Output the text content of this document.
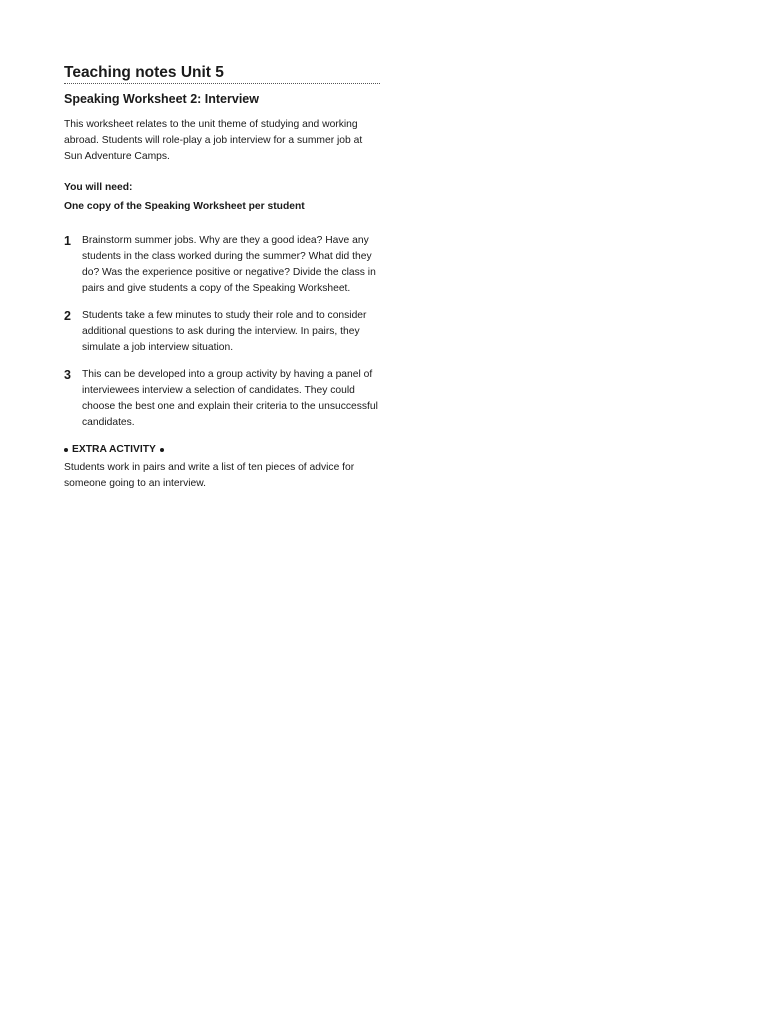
Teaching notes Unit 5
Speaking Worksheet 2: Interview

This worksheet relates to the unit theme of studying and working abroad. Students will role-play a job interview for a summer job at Sun Adventure Camps.

You will need:
One copy of the Speaking Worksheet per student
1	Brainstorm summer jobs. Why are they a good idea? Have any students in the class worked during the summer? What did they do? Was the experience positive or negative? Divide the class in pairs and give students a copy of the Speaking Worksheet.
2	Students take a few minutes to study their role and to consider additional questions to ask during the interview. In pairs, they simulate a job interview situation.
3	This can be developed into a group activity by having a panel of interviewees interview a selection of candidates. They could choose the best one and explain their criteria to the unsuccessful candidates.
EXTRA ACTIVITY

Students work in pairs and write a list of ten pieces of advice for someone going to an interview.
